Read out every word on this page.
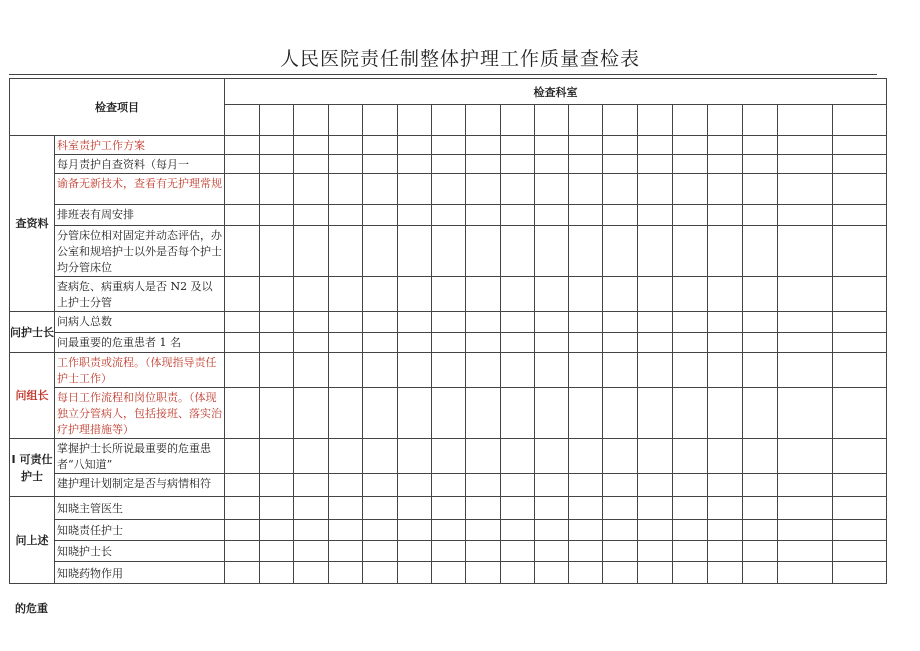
人民医院责任制整体护理工作质量查检表
检查项目		检查科室																	

查资料	科室责护工作方案																		
	每月责护自查资料（每月一																		
	谕备无新技术，查看有无护理常规																		
	排班表有周安排																		
	分管床位相对固定并动态评估，办公室和规培护士以外是否每个护士均分管床位																		
	查病危、病重病人是否 N2 及以上护士分管																		
问护士长	问病人总数																		
	问最重要的危重患者 1 名																		
问组长	工作职责或流程。（体现指导责任护士工作）																		
	每日工作流程和岗位职责。（体现独立分管病人，包括接班、落实治疗护理措施等）																		
I 可责仕护士	掌握护士长所说最重要的危重患者“八知道”																		
	建护理计划制定是否与病情相符																		
问上述	知晓主管医生																		
	知晓责任护士																		
	知晓护士长																		
	知晓药物作用																		
的危重
